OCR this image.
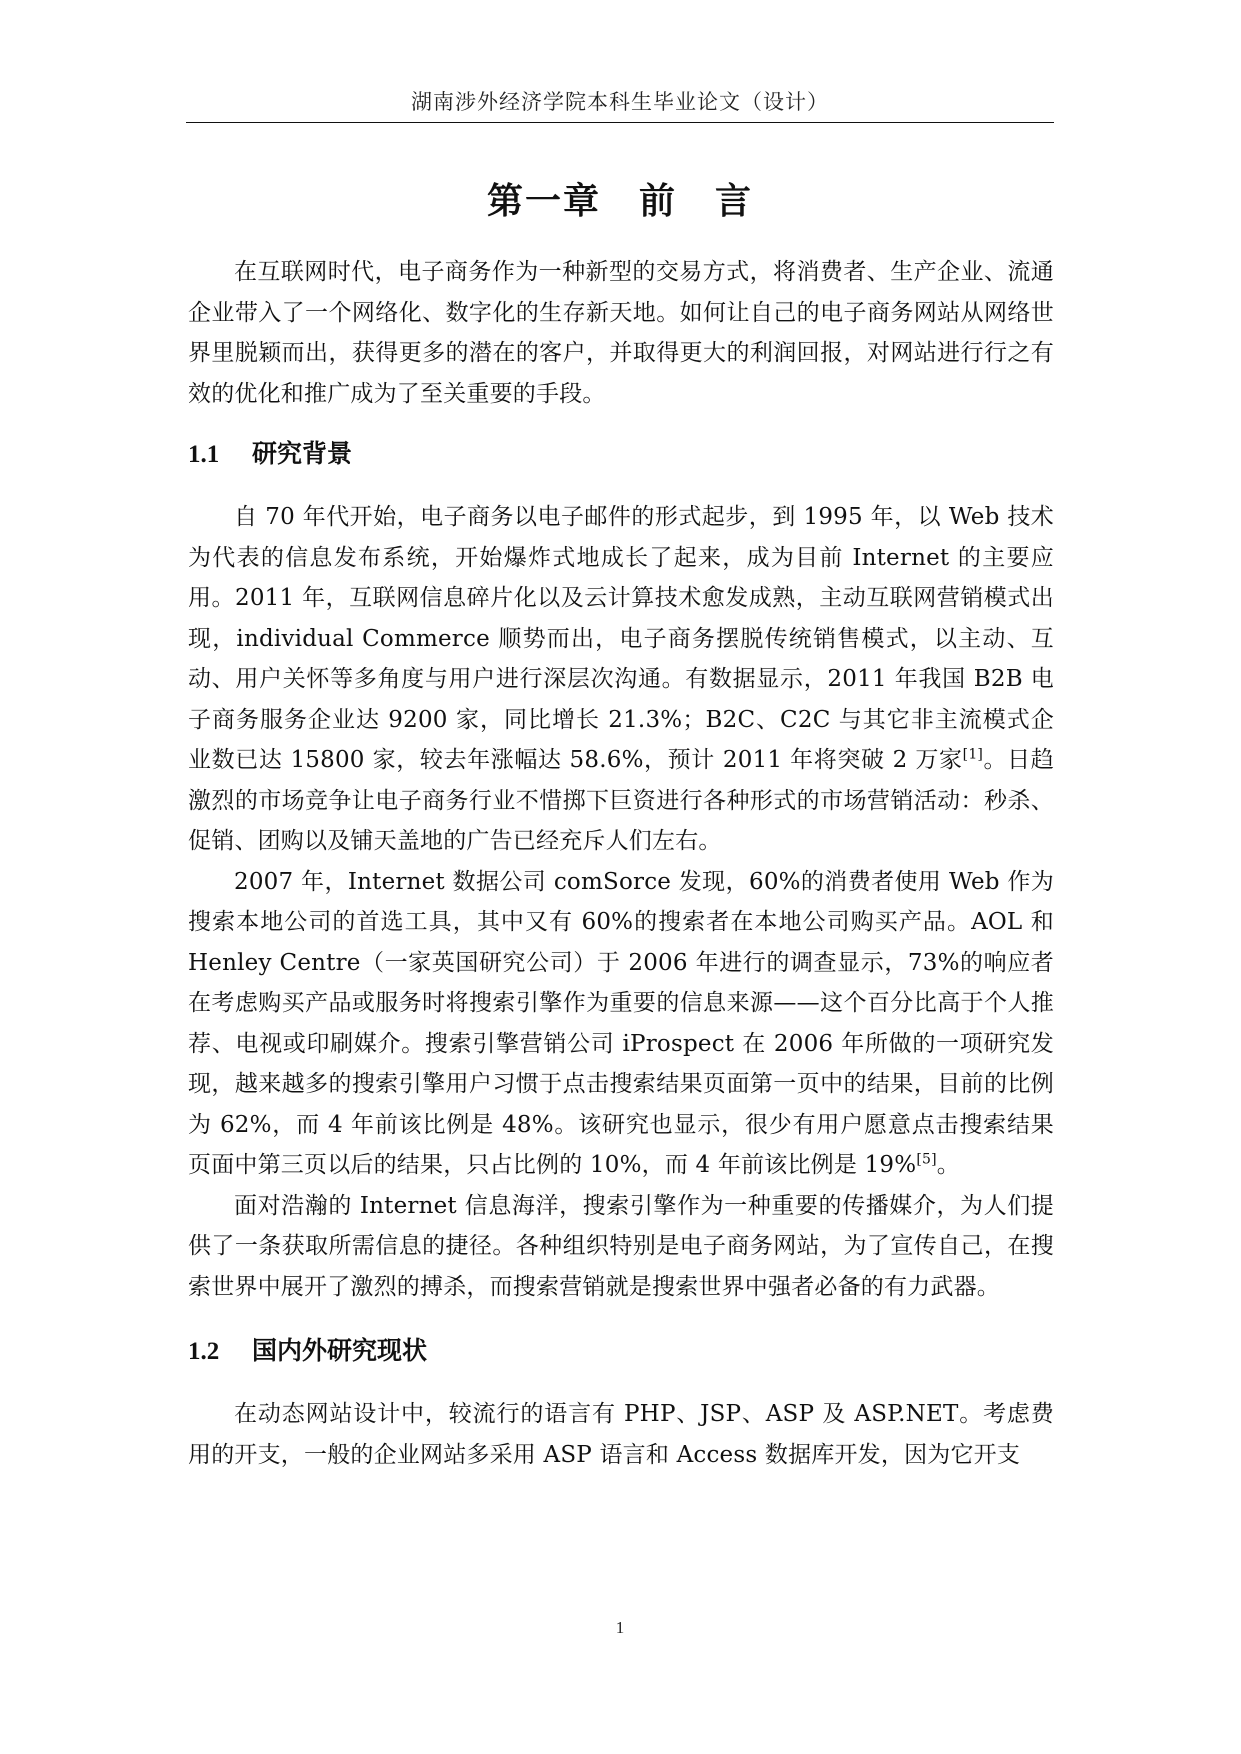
湖南涉外经济学院本科生毕业论文（设计）
第一章　前　言

在互联网时代，电子商务作为一种新型的交易方式，将消费者、生产企业、流通企业带入了一个网络化、数字化的生存新天地。如何让自己的电子商务网站从网络世界里脱颖而出，获得更多的潜在的客户，并取得更大的利润回报，对网站进行行之有效的优化和推广成为了至关重要的手段。

1.1	研究背景

自 70 年代开始，电子商务以电子邮件的形式起步，到 1995 年，以 Web 技术为代表的信息发布系统，开始爆炸式地成长了起来，成为目前 Internet 的主要应用。2011 年，互联网信息碎片化以及云计算技术愈发成熟，主动互联网营销模式出现，individual Commerce 顺势而出，电子商务摆脱传统销售模式，以主动、互动、用户关怀等多角度与用户进行深层次沟通。有数据显示，2011 年我国 B2B 电子商务服务企业达 9200 家，同比增长 21.3%；B2C、C2C 与其它非主流模式企业数已达 15800 家，较去年涨幅达 58.6%，预计 2011 年将突破 2 万家[1]。日趋激烈的市场竞争让电子商务行业不惜掷下巨资进行各种形式的市场营销活动：秒杀、促销、团购以及铺天盖地的广告已经充斥人们左右。

2007 年，Internet 数据公司 comSorce 发现，60%的消费者使用 Web 作为搜索本地公司的首选工具，其中又有 60%的搜索者在本地公司购买产品。AOL 和 Henley Centre（一家英国研究公司）于 2006 年进行的调查显示，73%的响应者在考虑购买产品或服务时将搜索引擎作为重要的信息来源——这个百分比高于个人推荐、电视或印刷媒介。搜索引擎营销公司 iProspect 在 2006 年所做的一项研究发现，越来越多的搜索引擎用户习惯于点击搜索结果页面第一页中的结果，目前的比例为 62%，而 4 年前该比例是 48%。该研究也显示，很少有用户愿意点击搜索结果页面中第三页以后的结果，只占比例的 10%，而 4 年前该比例是 19%[5]。

面对浩瀚的 Internet 信息海洋，搜索引擎作为一种重要的传播媒介，为人们提供了一条获取所需信息的捷径。各种组织特别是电子商务网站，为了宣传自己，在搜索世界中展开了激烈的搏杀，而搜索营销就是搜索世界中强者必备的有力武器。

1.2	国内外研究现状

在动态网站设计中，较流行的语言有 PHP、JSP、ASP 及 ASP.NET。考虑费用的开支，一般的企业网站多采用 ASP 语言和 Access 数据库开发，因为它开支

1
